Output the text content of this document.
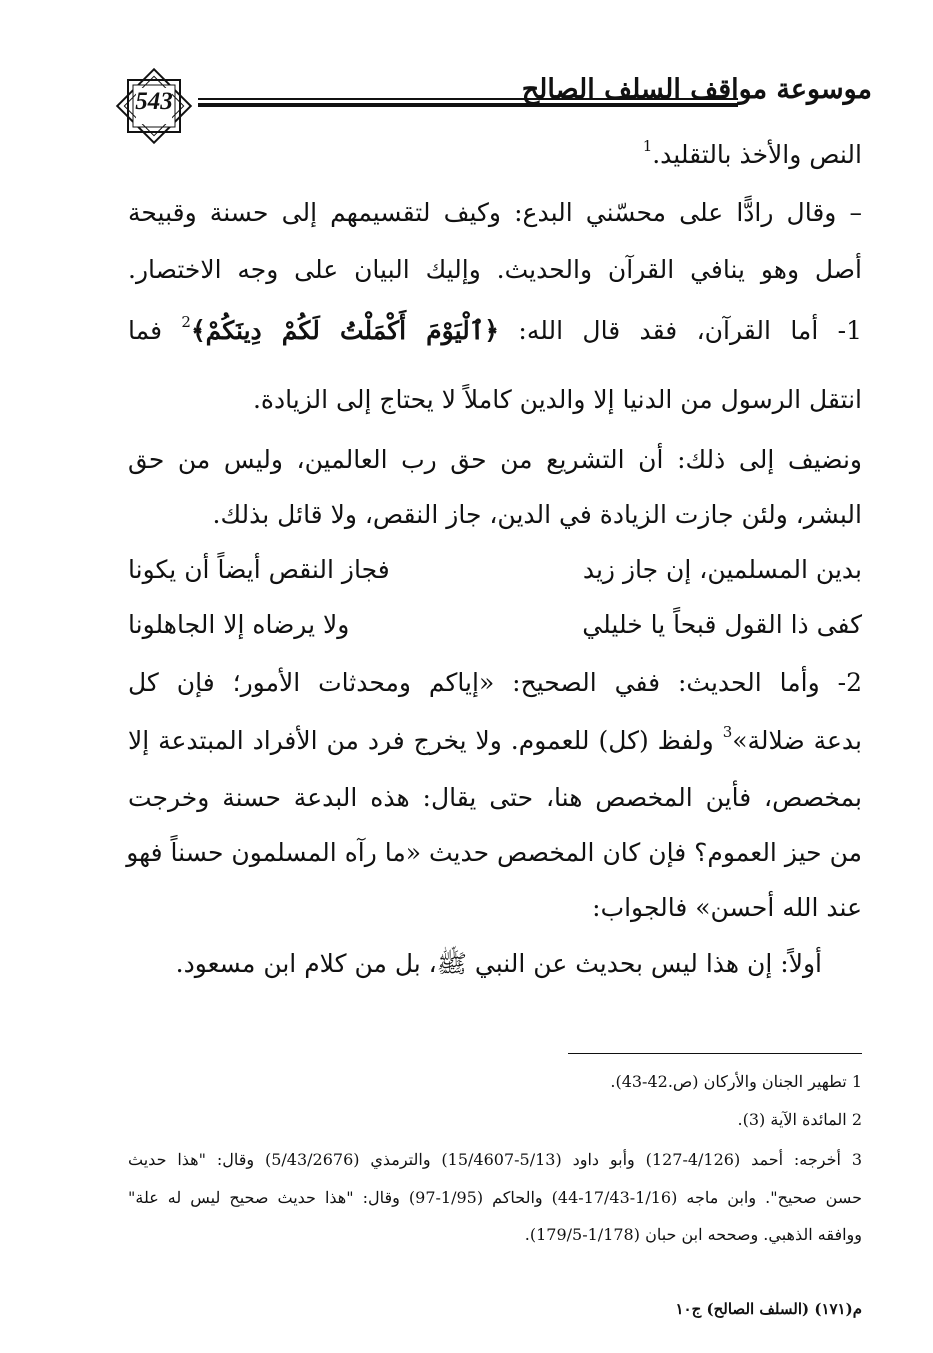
543	موسوعة مواقف السلف الصالح
النص والأخذ بالتقليد.$^1$
– وقال رادًّا على محسّني البدع: وكيف لتقسيمهم إلى حسنة وقبيحة
أصل وهو ينافي القرآن والحديث. وإليك البيان على وجه الاختصار.
1- أما القرآن، فقد قال الله: ﴿ٱلْيَوْمَ أَكْمَلْتُ لَكُمْ دِينَكُمْ﴾$^2$ فما
انتقل الرسول من الدنيا إلا والدين كاملاً لا يحتاج إلى الزيادة.
ونضيف إلى ذلك: أن التشريع من حق رب العالمين، وليس من حق
البشر، ولئن جازت الزيادة في الدين، جاز النقص، ولا قائل بذلك.
بدين المسلمين، إن جاز زيد
فجاز النقص أيضاً أن يكونا
كفى ذا القول قبحاً يا خليلي
ولا يرضاه إلا الجاهلونا
2- وأما الحديث: ففي الصحيح: «إياكم ومحدثات الأمور؛ فإن كل
بدعة ضلالة»$^3$ ولفظ (كل) للعموم. ولا يخرج فرد من الأفراد المبتدعة إلا
بمخصص، فأين المخصص هنا، حتى يقال: هذه البدعة حسنة وخرجت
من حيز العموم؟ فإن كان المخصص حديث «ما رآه المسلمون حسناً فهو
عند الله أحسن» فالجواب:
أولاً: إن هذا ليس بحديث عن النبي ﷺ، بل من كلام ابن مسعود.
1 تطهير الجنان والأركان (ص.42-43).
2 المائدة الآية (3).
3 أخرجه: أحمد (4/126-127) وأبو داود (5/13-15/4607) والترمذي (5/43/2676) وقال: "هذا حديث
حسن صحيح". وابن ماجه (1/16-17/43-44) والحاكم (1/95-97) وقال: "هذا حديث صحيح ليس له علة"
ووافقه الذهبي. وصححه ابن حبان (1/178-179/5).
م(١٧١) (السلف الصالح) ج١٠
